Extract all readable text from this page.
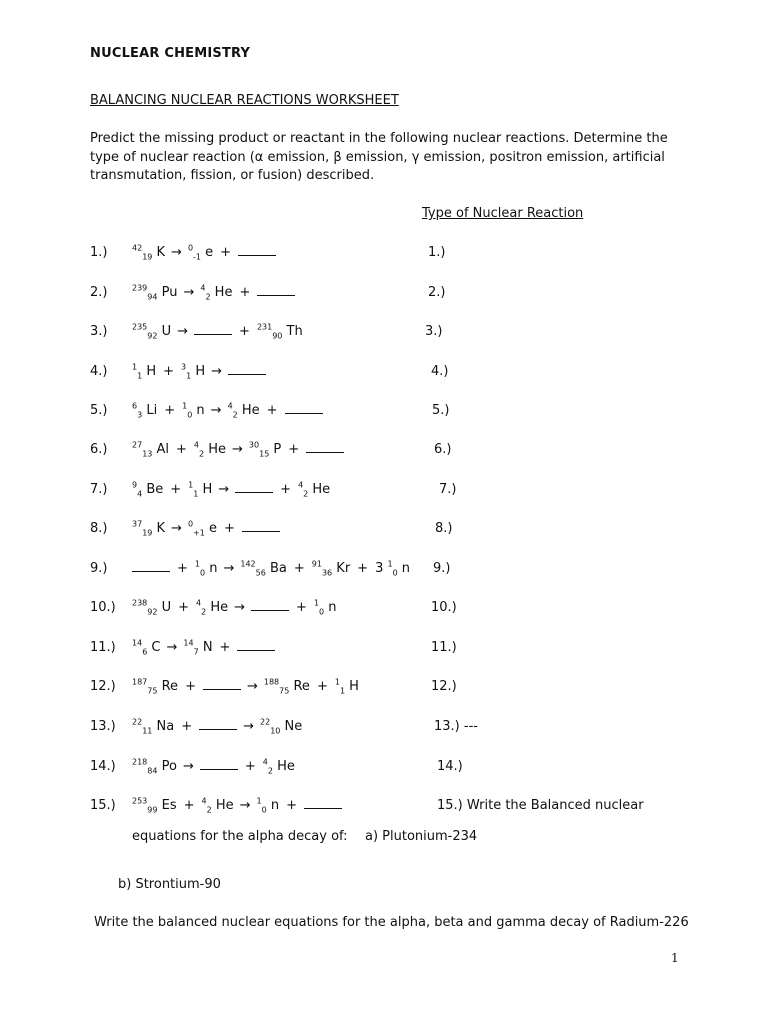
NUCLEAR CHEMISTRY
BALANCING NUCLEAR REACTIONS WORKSHEET
Predict the missing product or reactant in the following nuclear reactions. Determine the type of nuclear reaction (α emission, β emission, γ emission, positron emission, artificial transmutation, fission, or fusion) described.
Type of Nuclear Reaction
1.)	$^{42}_{19}$ K → $^0_{-1}$ e +	1.)
2.)	$^{239}_{94}$ Pu → $^4_2$ He +	2.)
3.)	$^{235}_{92}$ U →	+ $^{231}_{90}$ Th	3.)
4.)	$^1_1$ H + $^3_1$ H →	4.)
5.)	$^6_3$ Li + $^1_0$ n → $^4_2$ He +	5.)
6.)	$^{27}_{13}$ Al + $^4_2$ He → $^{30}_{15}$ P +	6.)
7.)	$^9_4$ Be + $^1_1$ H →	+ $^4_2$ He	7.)
8.)	$^{37}_{19}$ K → $^0_{+1}$ e +	8.)
9.)	+ $^1_0$ n → $^{142}_{56}$ Ba + $^{91}_{36}$ Kr + 3 $^1_0$ n 9.)
10.) $^{238}_{92}$ U + $^4_2$ He →	+ $^1_0$ n	10.)
11.) $^{14}_6$ C → $^{14}_7$ N +	11.)
12.) $^{187}_{75}$ Re +	→ $^{188}_{75}$ Re + $^1_1$ H	12.)
13.) $^{22}_{11}$ Na +	→ $^{22}_{10}$ Ne	13.) ---
14.) $^{218}_{84}$ Po →	+ $^4_2$ He	14.)
15.) $^{253}_{99}$ Es + $^4_2$ He → $^1_0$ n +	15.) Write the Balanced nuclear
equations for the alpha decay of: a) Plutonium-234
b) Strontium-90
Write the balanced nuclear equations for the alpha, beta and gamma decay of Radium-226
1
